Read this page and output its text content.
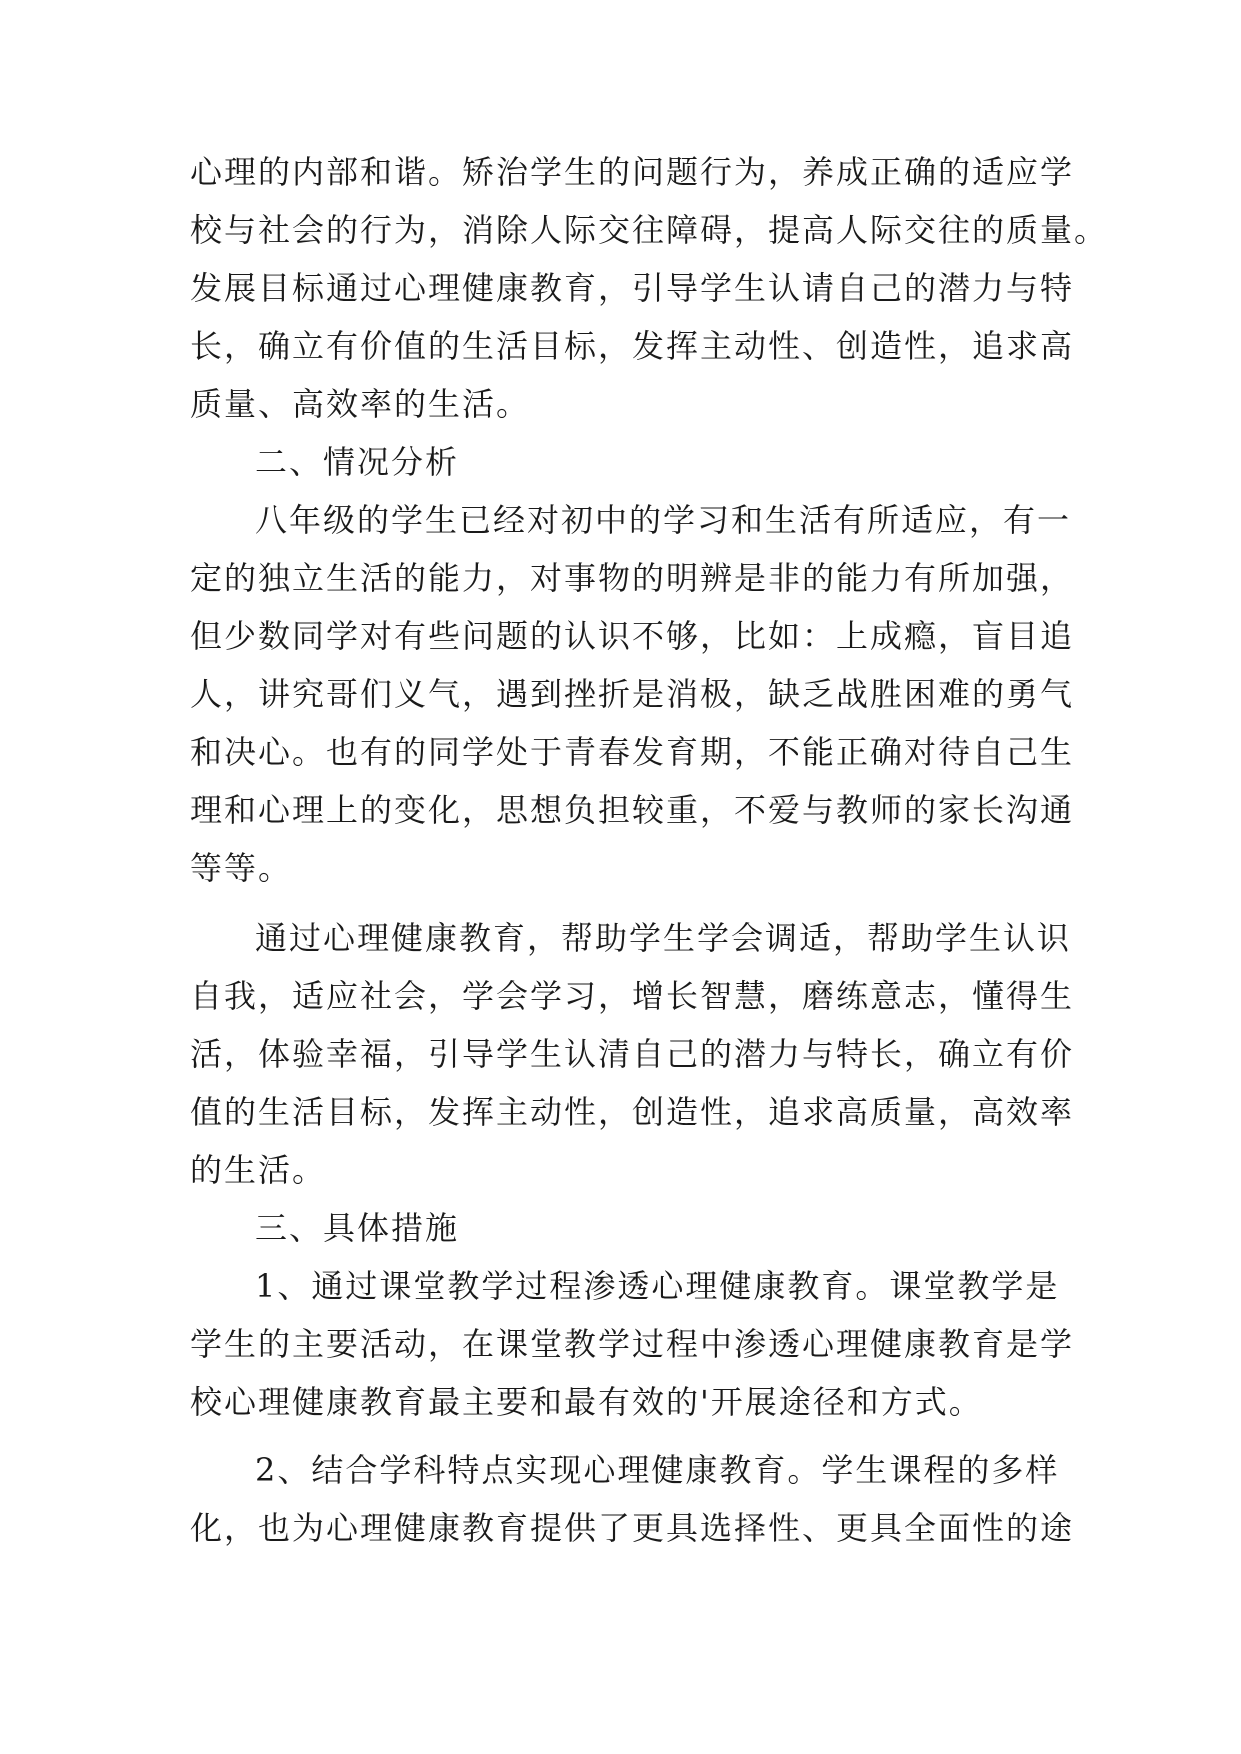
心理的内部和谐。矫治学生的问题行为，养成正确的适应学
校与社会的行为，消除人际交往障碍，提高人际交往的质量。
发展目标通过心理健康教育，引导学生认请自己的潜力与特
长，确立有价值的生活目标，发挥主动性、创造性，追求高
质量、高效率的生活。
二、情况分析
八年级的学生已经对初中的学习和生活有所适应，有一
定的独立生活的能力，对事物的明辨是非的能力有所加强，
但少数同学对有些问题的认识不够，比如：上成瘾，盲目追
人，讲究哥们义气，遇到挫折是消极，缺乏战胜困难的勇气
和决心。也有的同学处于青春发育期，不能正确对待自己生
理和心理上的变化，思想负担较重，不爱与教师的家长沟通
等等。
通过心理健康教育，帮助学生学会调适，帮助学生认识
自我，适应社会，学会学习，增长智慧，磨练意志，懂得生
活，体验幸福，引导学生认清自己的潜力与特长，确立有价
值的生活目标，发挥主动性，创造性，追求高质量，高效率
的生活。
三、具体措施
1、通过课堂教学过程渗透心理健康教育。课堂教学是
学生的主要活动，在课堂教学过程中渗透心理健康教育是学
校心理健康教育最主要和最有效的'开展途径和方式。
2、结合学科特点实现心理健康教育。学生课程的多样
化，也为心理健康教育提供了更具选择性、更具全面性的途
